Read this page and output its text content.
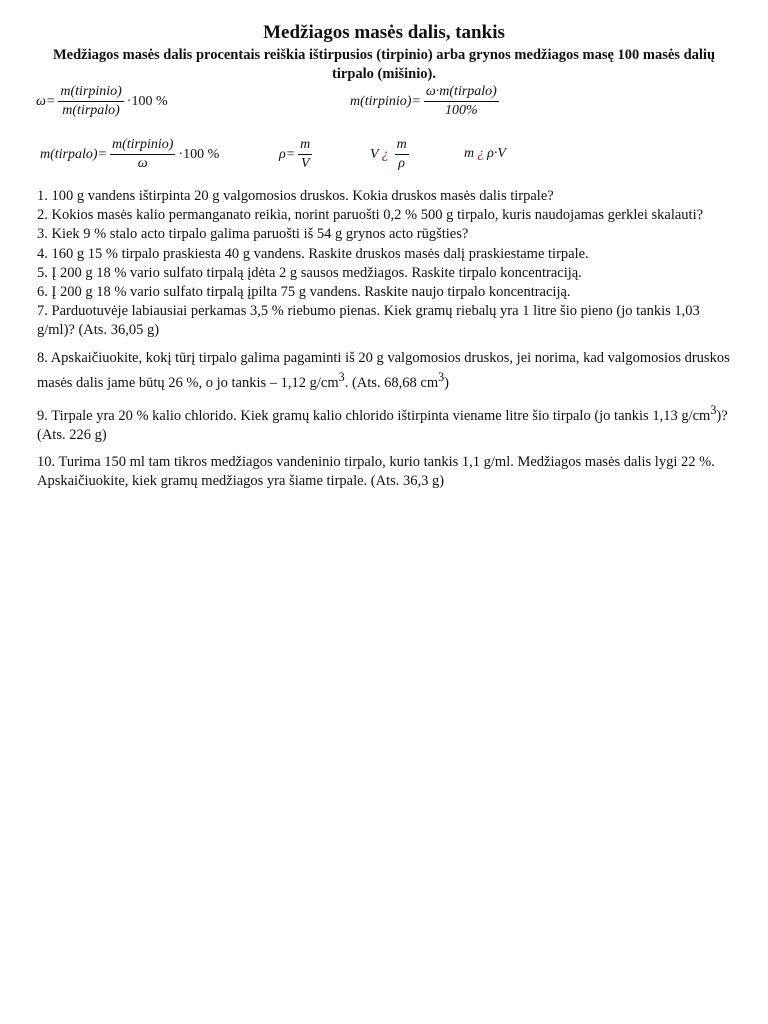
Medžiagos masės dalis, tankis
Medžiagos masės dalis procentais reiškia ištirpusios (tirpinio) arba grynos medžiagos masę 100 masės dalių tirpalo (mišinio).
$\omega= \frac{\text{m(tirpinio)}}{\text{m(tirpalo)}} \cdot 100$ %	m(tirpinio)= $\frac{\text{ω·m(tirpalo)}}{100\%}$
m(tirpalo)= $\frac{\text{m(tirpinio)}}{\omega} \cdot 100$ %	$\rho= \frac{m}{V}$	V ¿ $\frac{m}{\rho}$	m ¿ ρ·V

1. 100 g vandens ištirpinta 20 g valgomosios druskos. Kokia druskos masės dalis tirpale?

2. Kokios masės kalio permanganato reikia, norint paruošti 0,2 % 500 g tirpalo, kuris naudojamas gerklei skalauti?

3. Kiek 9 % stalo acto tirpalo galima paruošti iš 54 g grynos acto rūgšties?

4. 160 g 15 % tirpalo praskiesta 40 g vandens. Raskite druskos masės dalį praskiestame tirpale.

5. Į 200 g 18 % vario sulfato tirpalą įdėta 2 g sausos medžiagos. Raskite tirpalo koncentraciją.

6. Į 200 g 18 % vario sulfato tirpalą įpilta 75 g vandens. Raskite naujo tirpalo koncentraciją.

7. Parduotuvėje labiausiai perkamas 3,5 % riebumo pienas. Kiek gramų riebalų yra 1 litre šio pieno (jo tankis 1,03 g/ml)? (Ats. 36,05 g)

8. Apskaičiuokite, kokį tūrį tirpalo galima pagaminti iš 20 g valgomosios druskos, jei norima, kad valgomosios druskos masės dalis jame būtų 26 %, o jo tankis – 1,12 $g/cm^3$. (Ats. 68,68 $cm^3$)

9. Tirpale yra 20 % kalio chlorido. Kiek gramų kalio chlorido ištirpinta viename litre šio tirpalo (jo tankis 1,13 $g/cm^3$)? (Ats. 226 g)

10. Turima 150 ml tam tikros medžiagos vandeninio tirpalo, kurio tankis 1,1 g/ml. Medžiagos masės dalis lygi 22 %. Apskaičiuokite, kiek gramų medžiagos yra šiame tirpale. (Ats. 36,3 g)
